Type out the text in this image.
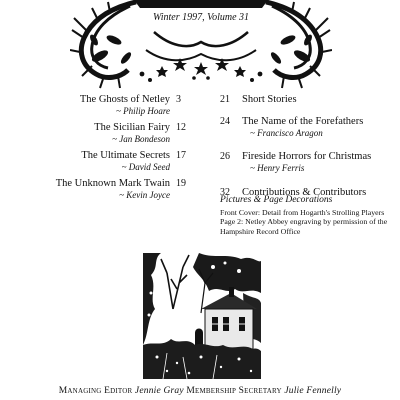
Winter 1997, Volume 31
The Ghosts of Netley
~ Philip Hoare
3
The Sicilian Fairy
~ Jan Bondeson
12
The Ultimate Secrets
~ David Seed
17
The Unknown Mark Twain
~ Kevin Joyce
19
21 Short Stories
24 The Name of the Forefathers
~ Francisco Aragon
26 Fireside Horrors for Christmas
~ Henry Ferris
32 Contributions & Contributors
Pictures & Page Decorations
Front Cover: Detail from Hogarth's Strolling Players
Page 2: Netley Abbey engraving by permission of the
Hampshire Record Office
Managing Editor Jennie Gray Membership Secretary Julie Fennelly
